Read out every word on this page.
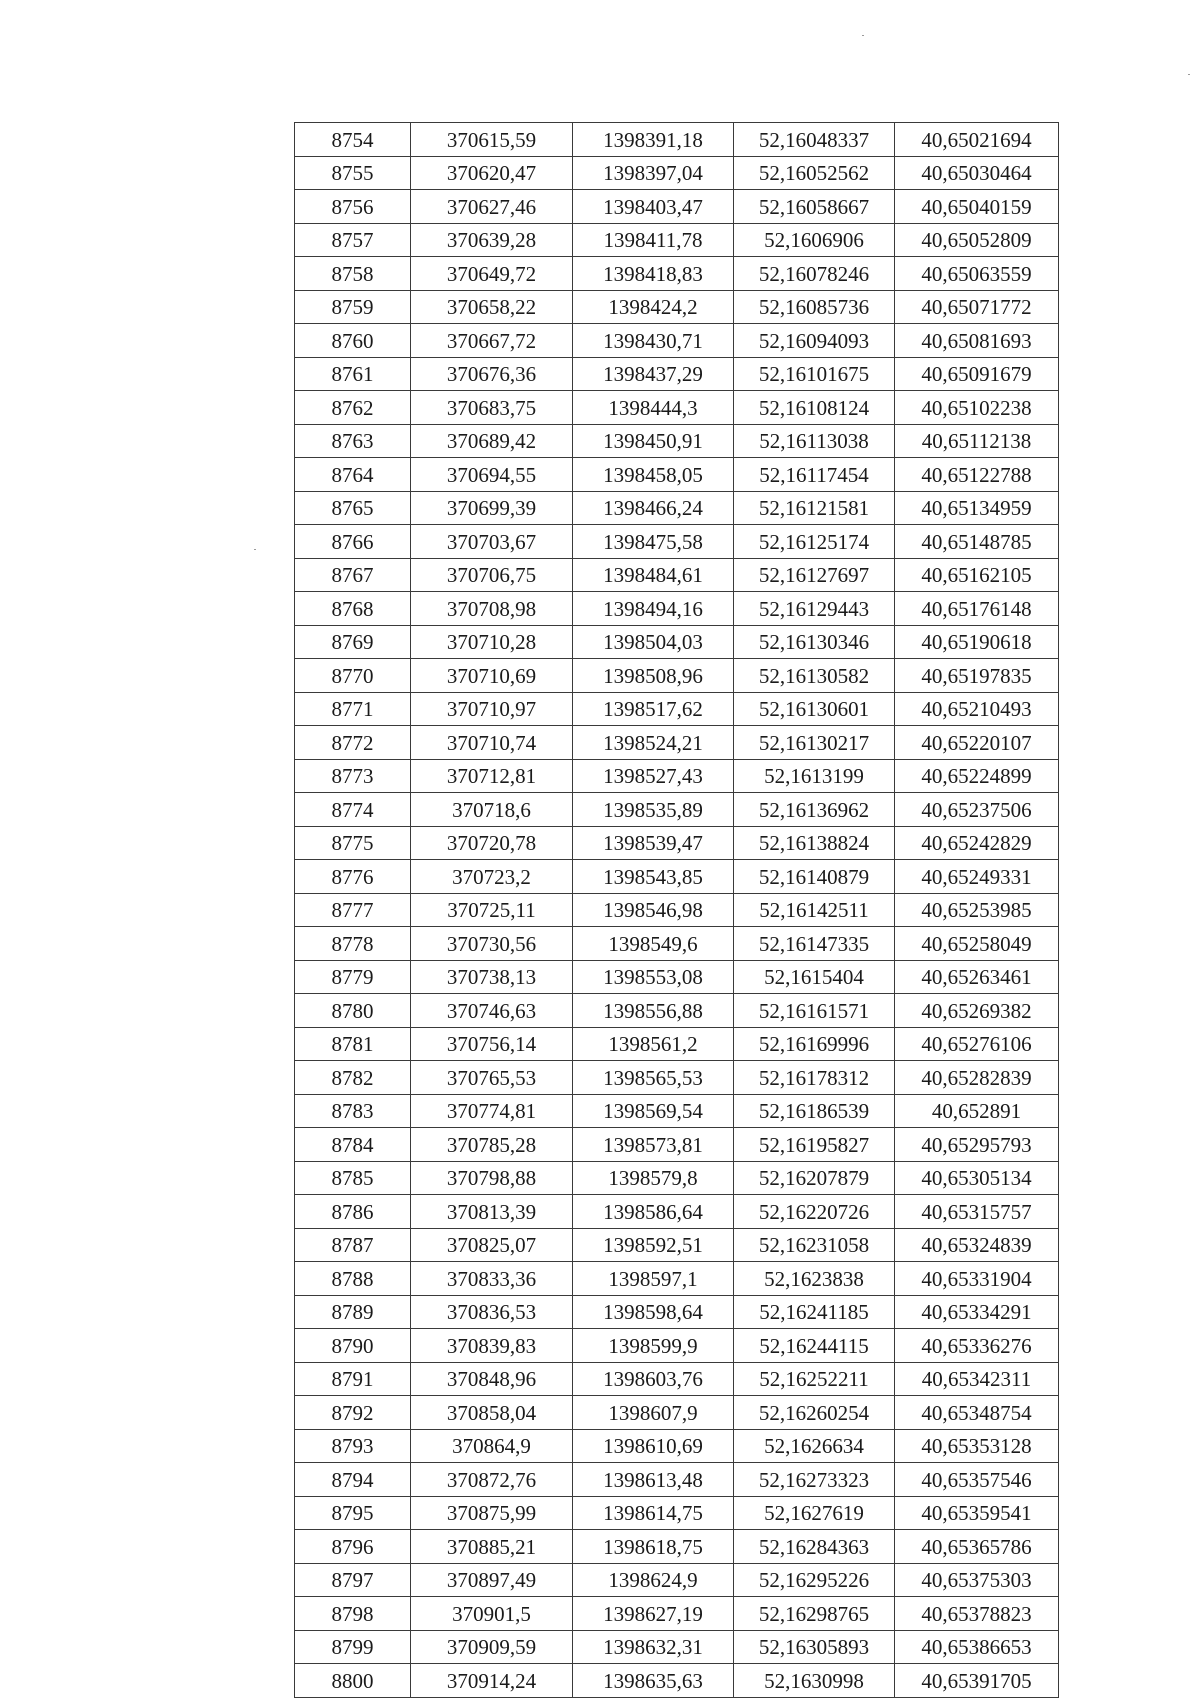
8754	370615,59	1398391,18	52,16048337	40,65021694
8755	370620,47	1398397,04	52,16052562	40,65030464
8756	370627,46	1398403,47	52,16058667	40,65040159
8757	370639,28	1398411,78	52,1606906	40,65052809
8758	370649,72	1398418,83	52,16078246	40,65063559
8759	370658,22	1398424,2	52,16085736	40,65071772
8760	370667,72	1398430,71	52,16094093	40,65081693
8761	370676,36	1398437,29	52,16101675	40,65091679
8762	370683,75	1398444,3	52,16108124	40,65102238
8763	370689,42	1398450,91	52,16113038	40,65112138
8764	370694,55	1398458,05	52,16117454	40,65122788
8765	370699,39	1398466,24	52,16121581	40,65134959
8766	370703,67	1398475,58	52,16125174	40,65148785
8767	370706,75	1398484,61	52,16127697	40,65162105
8768	370708,98	1398494,16	52,16129443	40,65176148
8769	370710,28	1398504,03	52,16130346	40,65190618
8770	370710,69	1398508,96	52,16130582	40,65197835
8771	370710,97	1398517,62	52,16130601	40,65210493
8772	370710,74	1398524,21	52,16130217	40,65220107
8773	370712,81	1398527,43	52,1613199	40,65224899
8774	370718,6	1398535,89	52,16136962	40,65237506
8775	370720,78	1398539,47	52,16138824	40,65242829
8776	370723,2	1398543,85	52,16140879	40,65249331
8777	370725,11	1398546,98	52,16142511	40,65253985
8778	370730,56	1398549,6	52,16147335	40,65258049
8779	370738,13	1398553,08	52,1615404	40,65263461
8780	370746,63	1398556,88	52,16161571	40,65269382
8781	370756,14	1398561,2	52,16169996	40,65276106
8782	370765,53	1398565,53	52,16178312	40,65282839
8783	370774,81	1398569,54	52,16186539	40,652891
8784	370785,28	1398573,81	52,16195827	40,65295793
8785	370798,88	1398579,8	52,16207879	40,65305134
8786	370813,39	1398586,64	52,16220726	40,65315757
8787	370825,07	1398592,51	52,16231058	40,65324839
8788	370833,36	1398597,1	52,1623838	40,65331904
8789	370836,53	1398598,64	52,16241185	40,65334291
8790	370839,83	1398599,9	52,16244115	40,65336276
8791	370848,96	1398603,76	52,16252211	40,65342311
8792	370858,04	1398607,9	52,16260254	40,65348754
8793	370864,9	1398610,69	52,1626634	40,65353128
8794	370872,76	1398613,48	52,16273323	40,65357546
8795	370875,99	1398614,75	52,1627619	40,65359541
8796	370885,21	1398618,75	52,16284363	40,65365786
8797	370897,49	1398624,9	52,16295226	40,65375303
8798	370901,5	1398627,19	52,16298765	40,65378823
8799	370909,59	1398632,31	52,16305893	40,65386653
8800	370914,24	1398635,63	52,1630998	40,65391705
